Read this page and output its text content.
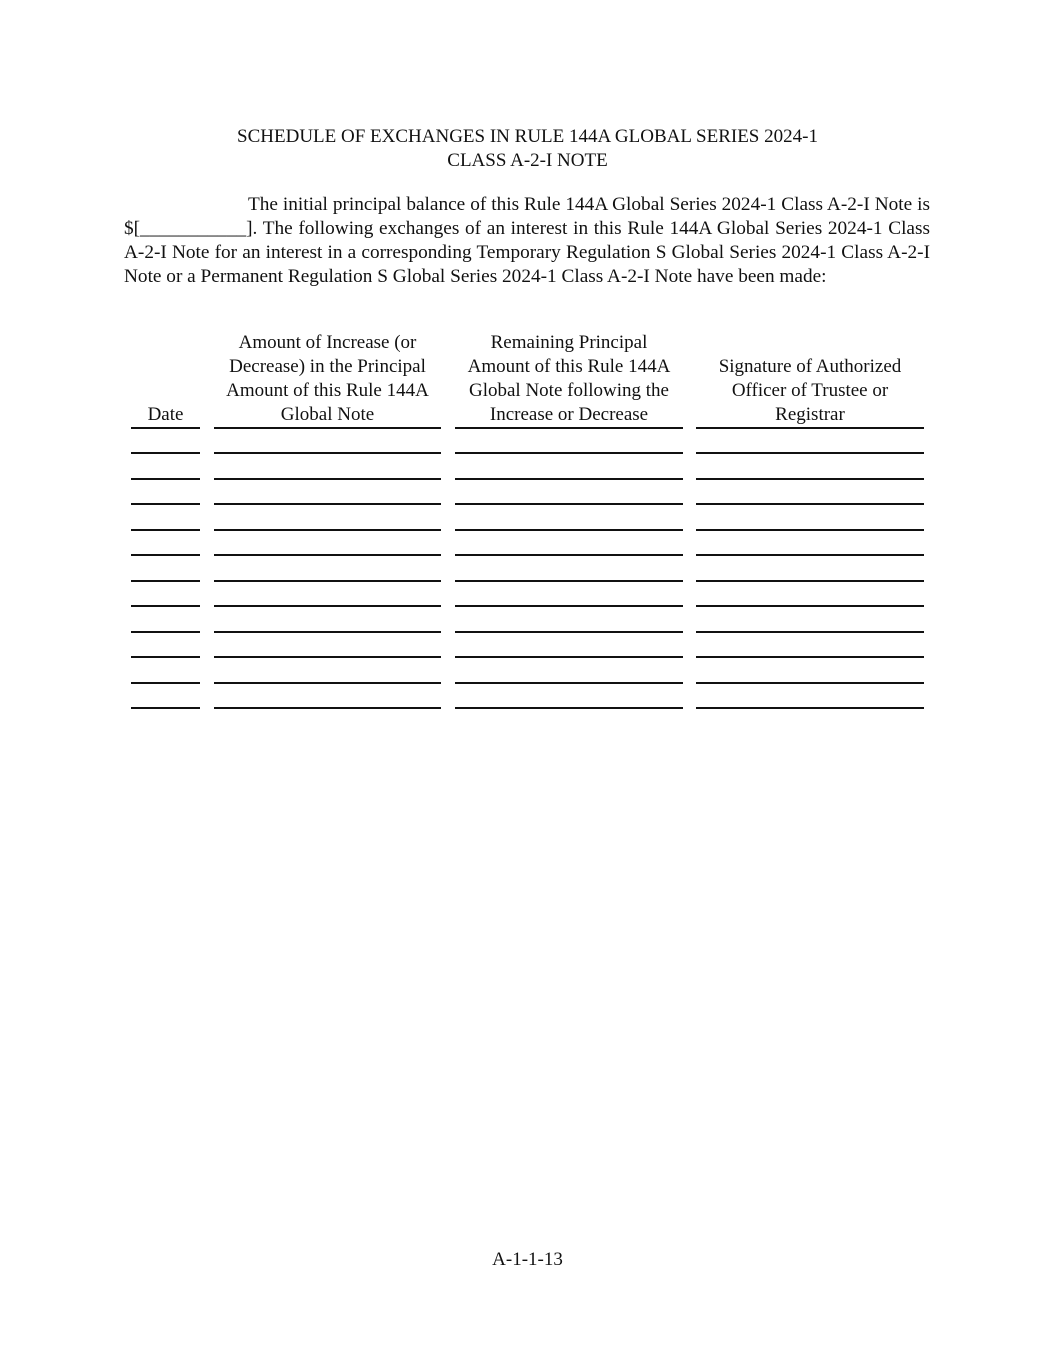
SCHEDULE OF EXCHANGES IN RULE 144A GLOBAL SERIES 2024-1
CLASS A-2-I NOTE
The initial principal balance of this Rule 144A Global Series 2024-1 Class A-2-I Note is $[___________]. The following exchanges of an interest in this Rule 144A Global Series 2024-1 Class A-2-I Note for an interest in a corresponding Temporary Regulation S Global Series 2024-1 Class A-2-I Note or a Permanent Regulation S Global Series 2024-1 Class A-2-I Note have been made:
Date
Amount of Increase (or
Decrease) in the Principal
Amount of this Rule 144A
Global Note
Remaining Principal
Amount of this Rule 144A
Global Note following the
Increase or Decrease
Signature of Authorized
Officer of Trustee or
Registrar
A-1-1-13
